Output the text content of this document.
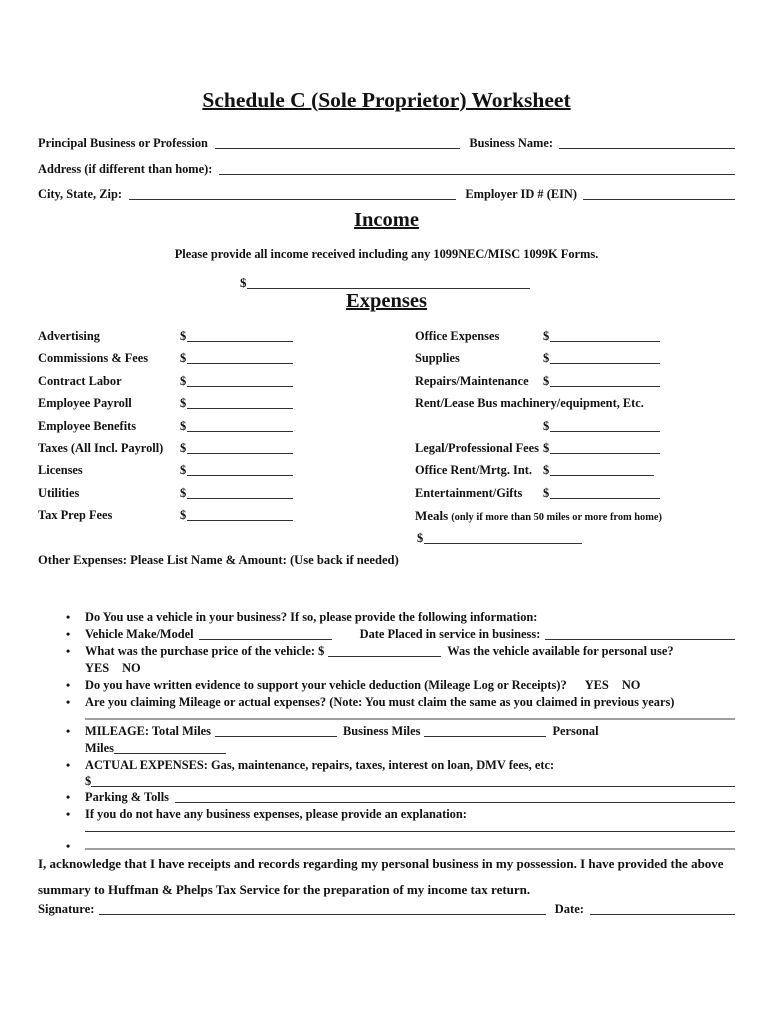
Schedule C (Sole Proprietor) Worksheet
Principal Business or Profession	Business Name:
Address (if different than home):
City, State, Zip:	Employer ID # (EIN)
Income
Please provide all income received including any 1099NEC/MISC 1099K Forms.
$
Expenses
Advertising	$
Commissions & Fees	$
Contract Labor	$
Employee Payroll	$
Employee Benefits	$
Taxes (All Incl. Payroll)	$
Licenses	$
Utilities	$
Tax Prep Fees	$
Office Expenses	$
Supplies	$
Repairs/Maintenance	$
Rent/Lease Bus machinery/equipment, Etc.
$
Legal/Professional Fees $
Office Rent/Mrtg. Int. $
Entertainment/Gifts	$
Meals (only if more than 50 miles or more from home)
$
Other Expenses: Please List Name & Amount: (Use back if needed)
•	Do You use a vehicle in your business? If so, please provide the following information:
•	Vehicle Make/Model	Date Placed in service in business:
•	What was the purchase price of the vehicle: $	Was the vehicle available for personal use?
YES NO
•	Do you have written evidence to support your vehicle deduction (Mileage Log or Receipts)? YES NO
•	Are you claiming Mileage or actual expenses? (Note: You must claim the same as you claimed in previous years)
•	MILEAGE: Total Miles	Business Miles	Personal
Miles
•	ACTUAL EXPENSES: Gas, maintenance, repairs, taxes, interest on loan, DMV fees, etc:
$
•	Parking & Tolls
•	If you do not have any business expenses, please provide an explanation:
•
I, acknowledge that I have receipts and records regarding my personal business in my possession. I have provided the above summary to Huffman & Phelps Tax Service for the preparation of my income tax return.
Signature:	Date:
